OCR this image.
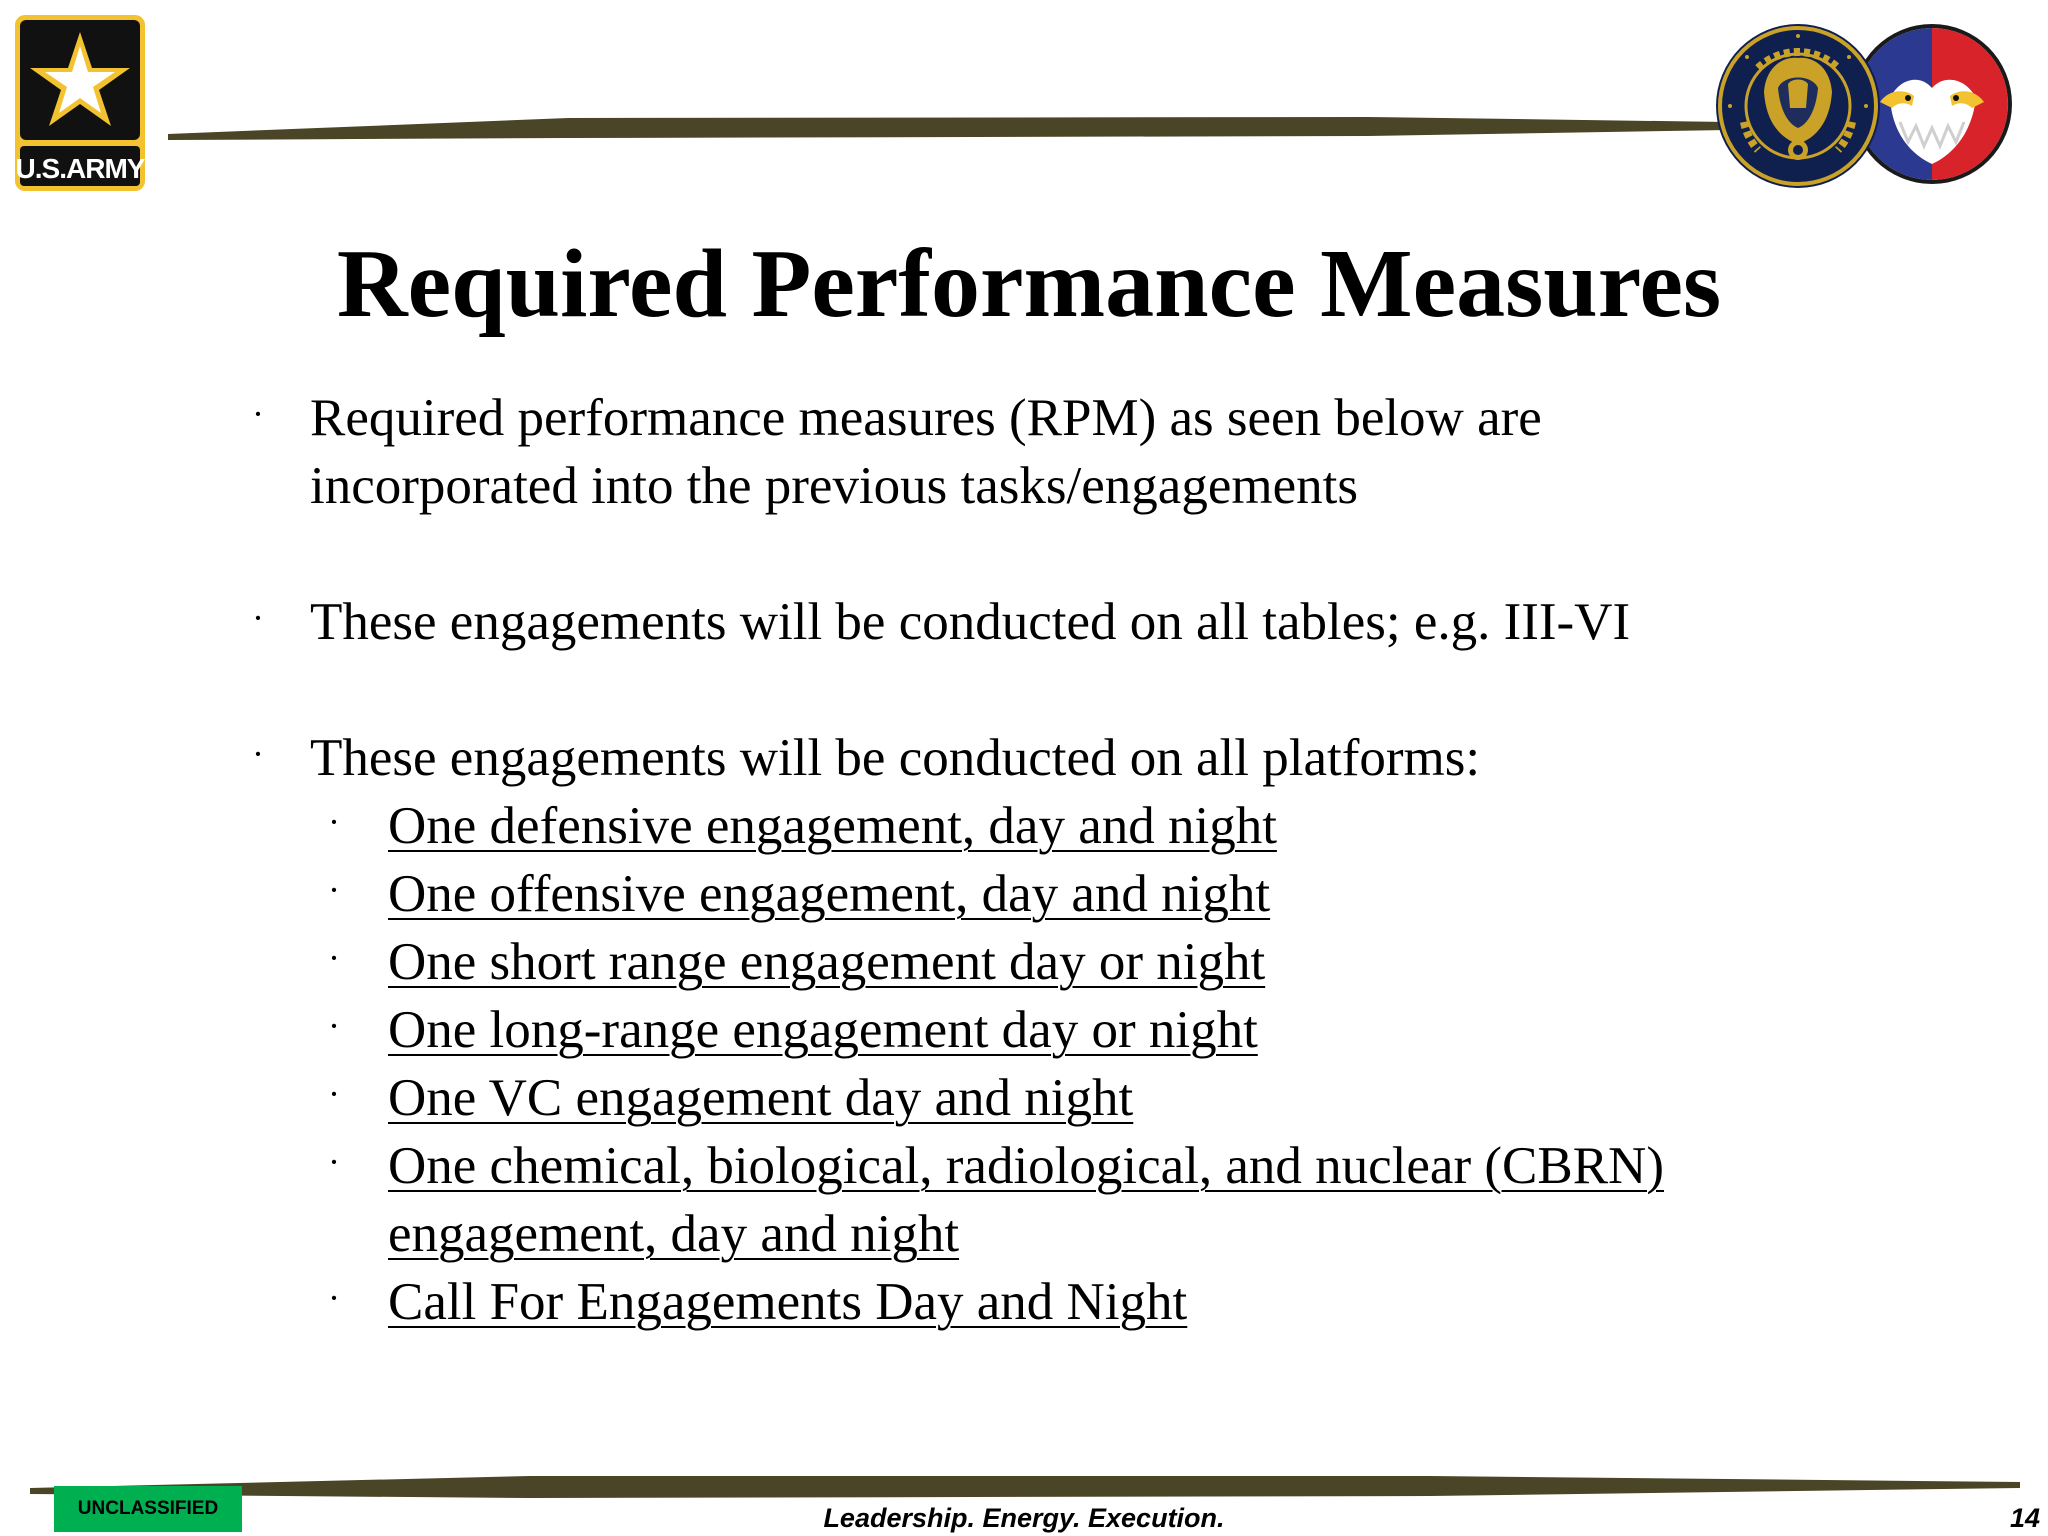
U.S.ARMY
Required Performance Measures
· Required performance measures (RPM) as seen below are
incorporated into the previous tasks/engagements
· These engagements will be conducted on all tables; e.g. III-VI
· These engagements will be conducted on all platforms:
· One defensive engagement, day and night
· One offensive engagement, day and night
· One short range engagement day or night
· One long-range engagement day or night
· One VC engagement day and night
· One chemical, biological, radiological, and nuclear (CBRN)
engagement, day and night
· Call For Engagements Day and Night
UNCLASSIFIED	Leadership. Energy. Execution.	14
